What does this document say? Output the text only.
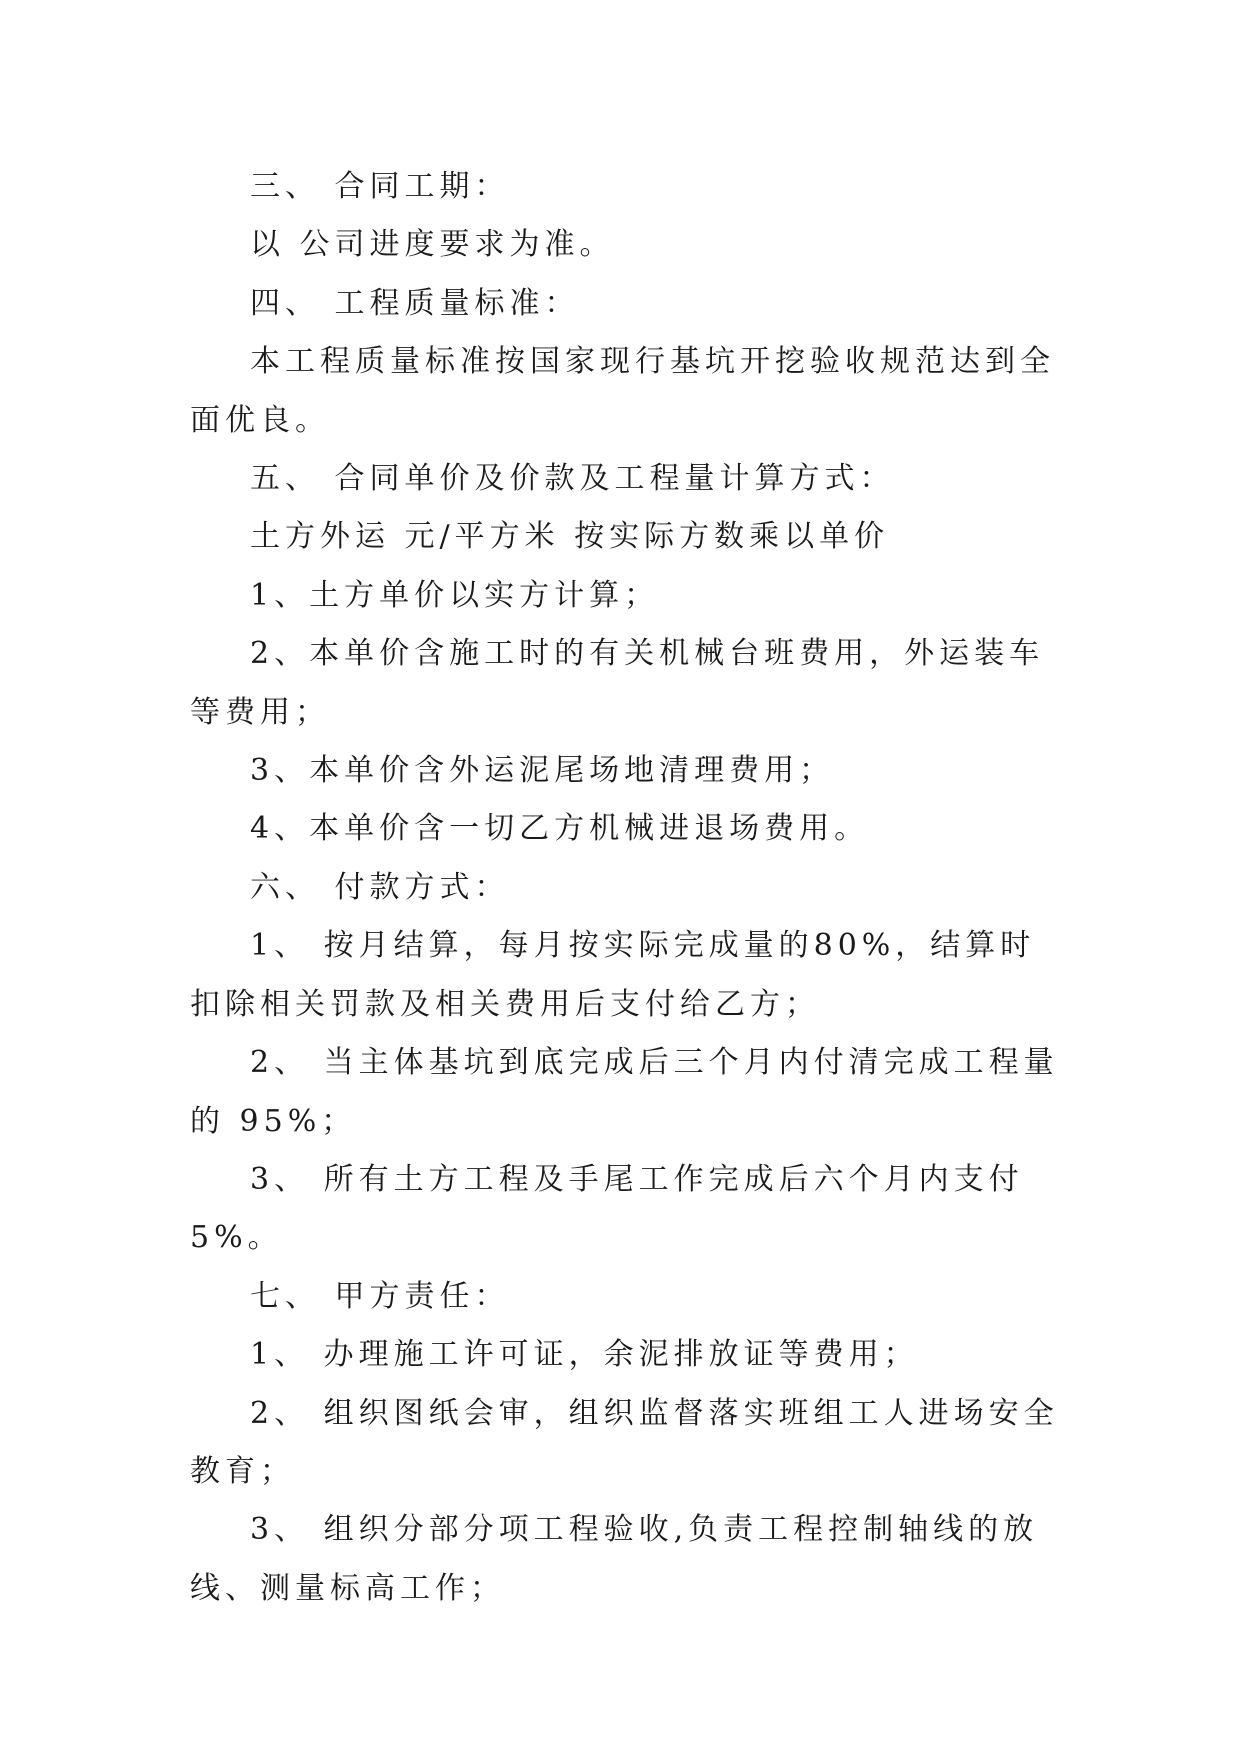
三、 合同工期：

以 公司进度要求为准。

四、 工程质量标准：

本工程质量标准按国家现行基坑开挖验收规范达到全面优良。

五、 合同单价及价款及工程量计算方式：

土方外运 元/平方米 按实际方数乘以单价

1、土方单价以实方计算；

2、本单价含施工时的有关机械台班费用，外运装车等费用；

3、本单价含外运泥尾场地清理费用；

4、本单价含一切乙方机械进退场费用。

六、 付款方式：

1、 按月结算，每月按实际完成量的80%，结算时扣除相关罚款及相关费用后支付给乙方；

2、 当主体基坑到底完成后三个月内付清完成工程量的 95%；

3、 所有土方工程及手尾工作完成后六个月内支付5%。

七、 甲方责任：

1、 办理施工许可证，余泥排放证等费用；

2、 组织图纸会审，组织监督落实班组工人进场安全教育；

3、 组织分部分项工程验收,负责工程控制轴线的放线、测量标高工作；
